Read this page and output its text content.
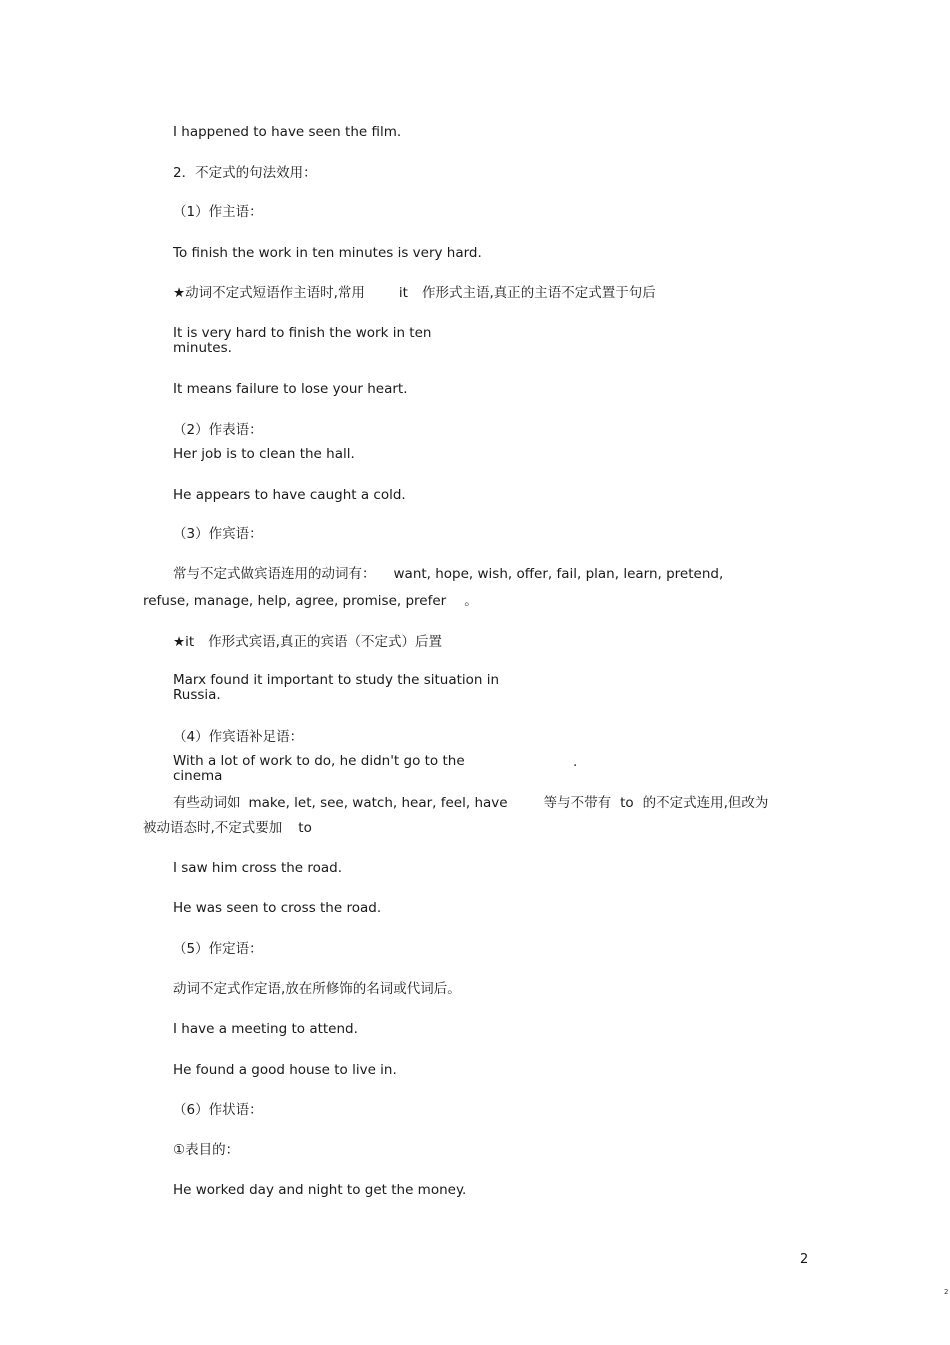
I happened to have seen the film.
2．不定式的句法效用：
（1）作主语：
To finish the work in ten minutes is very hard.
★动词不定式短语作主语时,常用	it 作形式主语,真正的主语不定式置于句后
It is very hard to finish the work in ten minutes.
It means failure to lose your heart.
（2）作表语：
Her job is to clean the hall.
He appears to have caught a cold.
（3）作宾语：
常与不定式做宾语连用的动词有： want, hope, wish, offer, fail, plan, learn, pretend,
refuse, manage, help, agree, promise, prefer 。
★it 作形式宾语,真正的宾语（不定式）后置
Marx found it important to study the situation in Russia.
（4）作宾语补足语：
With a lot of work to do, he didn't go to the cinema
.
有些动词如 make, let, see, watch, hear, feel, have	等与不带有 to 的不定式连用,但改为
被动语态时,不定式要加 to
I saw him cross the road.
He was seen to cross the road.
（5）作定语：
动词不定式作定语,放在所修饰的名词或代词后。
I have a meeting to attend.
He found a good house to live in.
（6）作状语：
①表目的：
He worked day and night to get the money.
2
2
